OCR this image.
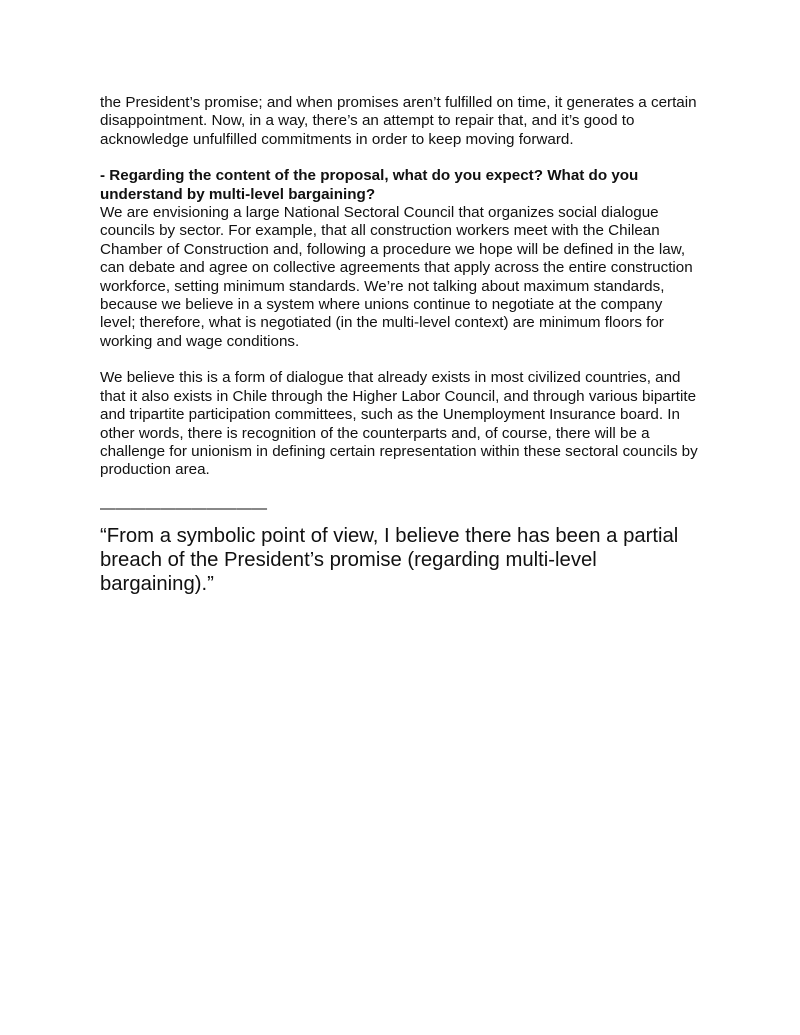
the President’s promise; and when promises aren’t fulfilled on time, it generates a certain disappointment. Now, in a way, there’s an attempt to repair that, and it’s good to acknowledge unfulfilled commitments in order to keep moving forward.

- Regarding the content of the proposal, what do you expect? What do you understand by multi-level bargaining?

We are envisioning a large National Sectoral Council that organizes social dialogue councils by sector. For example, that all construction workers meet with the Chilean Chamber of Construction and, following a procedure we hope will be defined in the law, can debate and agree on collective agreements that apply across the entire construction workforce, setting minimum standards. We’re not talking about maximum standards, because we believe in a system where unions continue to negotiate at the company level; therefore, what is negotiated (in the multi-level context) are minimum floors for working and wage conditions.

We believe this is a form of dialogue that already exists in most civilized countries, and that it also exists in Chile through the Higher Labor Council, and through various bipartite and tripartite participation committees, such as the Unemployment Insurance board. In other words, there is recognition of the counterparts and, of course, there will be a challenge for unionism in defining certain representation within these sectoral councils by production area.

———————————

“From a symbolic point of view, I believe there has been a partial breach of the President’s promise (regarding multi-level bargaining).”
